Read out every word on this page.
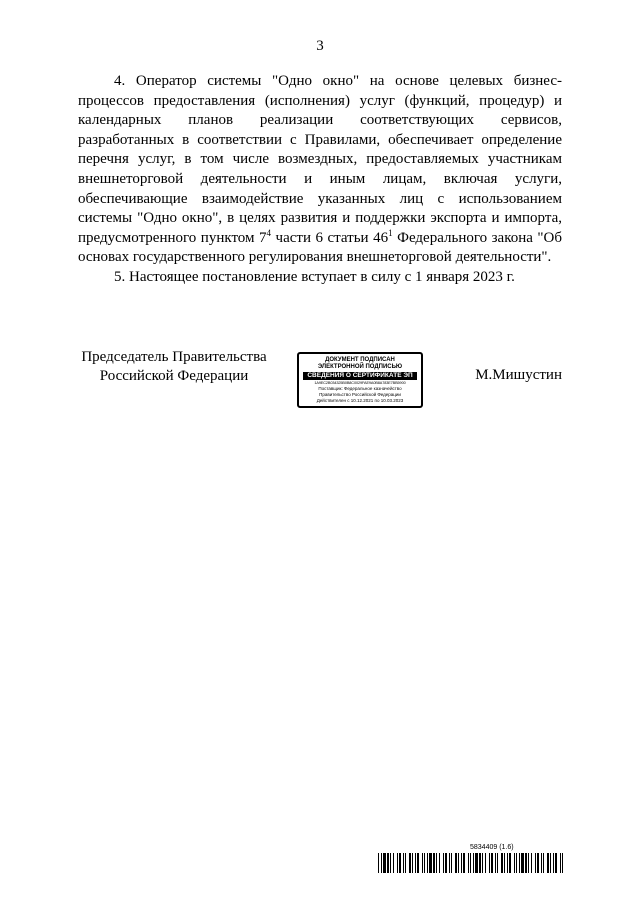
3

4. Оператор системы "Одно окно" на основе целевых бизнес-процессов предоставления (исполнения) услуг (функций, процедур) и календарных планов реализации соответствующих сервисов, разработанных в соответствии с Правилами, обеспечивает определение перечня услуг, в том числе возмездных, предоставляемых участникам внешнеторговой деятельности и иным лицам, включая услуги, обеспечивающие взаимодействие указанных лиц с использованием системы "Одно окно", в целях развития и поддержки экспорта и импорта, предусмотренного пунктом $7^4$ части 6 статьи $46^1$ Федерального закона "Об основах государственного регулирования внешнеторговой деятельности".

5. Настоящее постановление вступает в силу с 1 января 2023 г.

Председатель Правительства
Российской Федерации
ДОКУМЕНТ ПОДПИСАН
ЭЛЕКТРОННОЙ ПОДПИСЬЮ
СВЕДЕНИЯ О СЕРТИФИКАТЕ ЭП
1A9EC2B034325B0B8C0029FAE9A0B8A783E7BB5900
Поставщик: Федеральное казначейство
Правительство Российской Федерации
Действителен с 10.12.2021 по 10.03.2023
М.Мишустин
5834409 (1.6)
